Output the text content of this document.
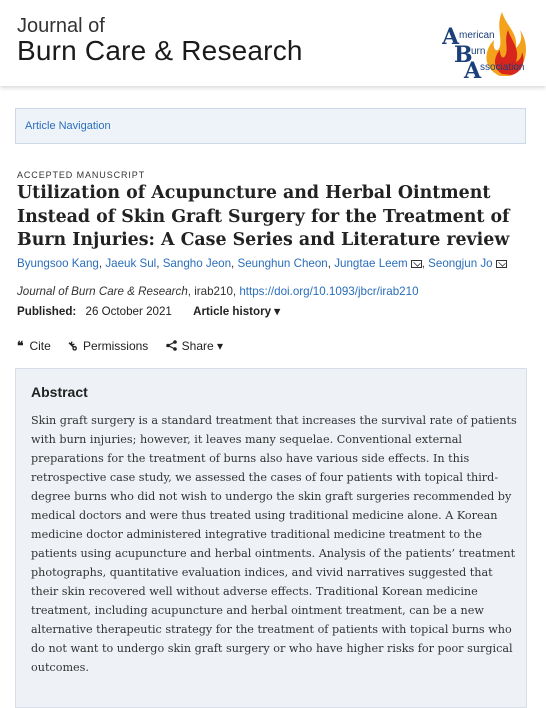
Journal of
Burn Care & Research	A merican
B
urn
A
ssociation
Article Navigation
ACCEPTED MANUSCRIPT
Utilization of Acupuncture and Herbal Ointment Instead of Skin Graft Surgery for the Treatment of Burn Injuries: A Case Series and Literature review
Byungsoo Kang, Jaeuk Sul, Sangho Jeon, Seunghun Cheon, Jungtae Leem , Seongjun Jo
Journal of Burn Care & Research, irab210, https://doi.org/10.1093/jbcr/irab210
Published: 26 October 2021 Article history ▾
❝ Cite ⚷ Permissions	Share ▾
Abstract

Skin graft surgery is a standard treatment that increases the survival rate of patients with burn injuries; however, it leaves many sequelae. Conventional external preparations for the treatment of burns also have various side effects. In this retrospective case study, we assessed the cases of four patients with topical third-degree burns who did not wish to undergo the skin graft surgeries recommended by medical doctors and were thus treated using traditional medicine alone. A Korean medicine doctor administered integrative traditional medicine treatment to the patients using acupuncture and herbal ointments. Analysis of the patients’ treatment photographs, quantitative evaluation indices, and vivid narratives suggested that their skin recovered well without adverse effects. Traditional Korean medicine treatment, including acupuncture and herbal ointment treatment, can be a new alternative therapeutic strategy for the treatment of patients with topical burns who do not want to undergo skin graft surgery or who have higher risks for poor surgical outcomes.
